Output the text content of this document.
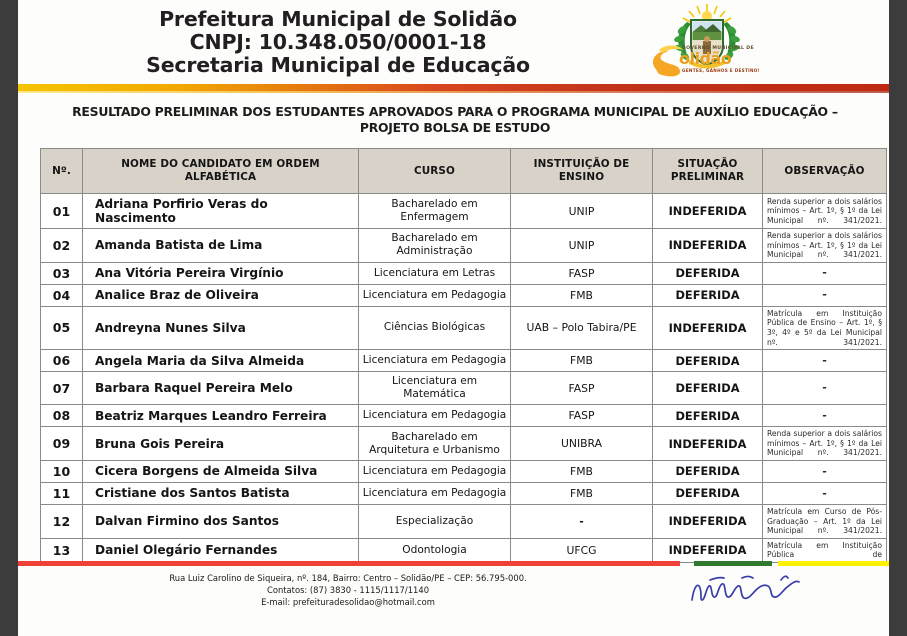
Prefeitura Municipal de Solidão
CNPJ: 10.348.050/0001-18
Secretaria Municipal de Educação
GOVERNO MUNICIPAL DE
olidão
GENTES, GANHOS E DESTINO!
RESULTADO PRELIMINAR DOS ESTUDANTES APROVADOS PARA O PROGRAMA MUNICIPAL DE AUXÍLIO EDUCAÇÃO –
PROJETO BOLSA DE ESTUDO
Nº.	NOME DO CANDIDATO EM ORDEM ALFABÉTICA	CURSO	INSTITUIÇÃO DE ENSINO	SITUAÇÃO PRELIMINAR	OBSERVAÇÃO
01	Adriana Porfirio Veras do Nascimento	Bacharelado em Enfermagem	UNIP	INDEFERIDA	Renda superior a dois salários mínimos – Art. 1º, § 1º da Lei Municipal nº. 341/2021.
02	Amanda Batista de Lima	Bacharelado em Administração	UNIP	INDEFERIDA	Renda superior a dois salários mínimos – Art. 1º, § 1º da Lei Municipal nº. 341/2021.
03	Ana Vitória Pereira Virgínio	Licenciatura em Letras	FASP	DEFERIDA	-
04	Analice Braz de Oliveira	Licenciatura em Pedagogia	FMB	DEFERIDA	-
05	Andreyna Nunes Silva	Ciências Biológicas	UAB – Polo Tabira/PE	INDEFERIDA	Matrícula em Instituição Pública de Ensino – Art. 1º, § 3º, 4º e 5º da Lei Municipal nº. 341/2021.
06	Angela Maria da Silva Almeida	Licenciatura em Pedagogia	FMB	DEFERIDA	-
07	Barbara Raquel Pereira Melo	Licenciatura em Matemática	FASP	DEFERIDA	-
08	Beatriz Marques Leandro Ferreira	Licenciatura em Pedagogia	FASP	DEFERIDA	-
09	Bruna Gois Pereira	Bacharelado em Arquitetura e Urbanismo	UNIBRA	INDEFERIDA	Renda superior a dois salários mínimos – Art. 1º, § 1º da Lei Municipal nº. 341/2021.
10	Cicera Borgens de Almeida Silva	Licenciatura em Pedagogia	FMB	DEFERIDA	-
11	Cristiane dos Santos Batista	Licenciatura em Pedagogia	FMB	DEFERIDA	-
12	Dalvan Firmino dos Santos	Especialização	-	INDEFERIDA	Matrícula em Curso de Pós-Graduação – Art. 1º da Lei Municipal nº. 341/2021.
13	Daniel Olegário Fernandes	Odontologia	UFCG	INDEFERIDA	Matrícula em Instituição Pública de
Rua Luiz Carolino de Siqueira, nº. 184, Bairro: Centro – Solidão/PE – CEP: 56.795-000.
Contatos: (87) 3830 - 1115/1117/1140
E-mail: prefeituradesolidao@hotmail.com
